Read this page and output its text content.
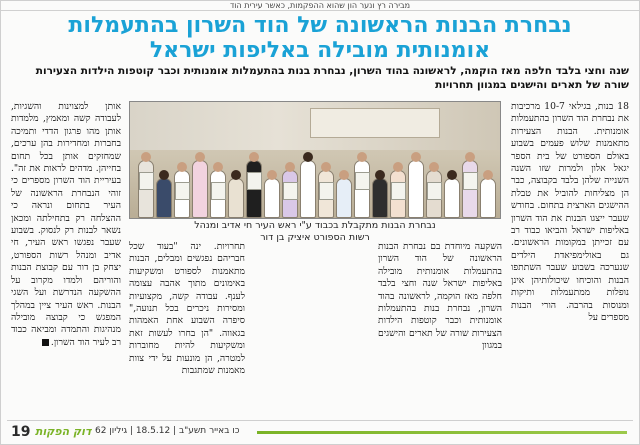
מבירה רץ ונער הון שהוא ההפקמות, כאשר עירית הוד
נבחרת הבנות הראשונה של הוד השרון בהתעמלות
אומנותית מובילה באליפות ישראל
שנה וחצי בלבד חלפה מאז הוקמה, לראשונה בהוד השרון, נבחרת בנות בהתעמלות אומנותית וכבר קוטפות הילדות הצעירות שורה של תארים והישגים במגוון תחרויות
18 בנות, בגילאי 10-7 מרכיבות את נבחרת הוד השרון בהתעמלות אומנותית. הבנות הצעירות מתאמנות שלוש פעמים בשבוע באולם הספורט של בית הספר יגאל אלון ולמרות שזו השנה השנייה שלהן בלבד בקבוצה, כבר הן מצליחות להוביל את טבלת ההישגים הארצית בתחום. בחודש שעבר ייצגו הבנות את הוד השרון באליפות ישראל והביאו כבוד רב עם זכייתן במקומות הראשונים. גם באולימפיאדת הילדים שנערכה בשבוע שעבר השתתפו הבנות והוכיחו שיכולותיהן אינן נופלות ממתעמלות ותיקות ומנוסות בהרבה. הורי הבנות מספרים על
נבחרת הבנות מתקבלת בכבוד ע"י ראש העיר חי אדיב ומנהל
רשות הספורט איציק בן דור
השקעה מיוחדת בם נבחרת הבנות הראשונה של הוד השרון בהתעמלות אומנותית מובילה באליפות ישראל שנה וחצי בלבד חלפה מאז הוקמה, לראשונה בהוד השרון, נבחרת בנות בהתעמלות אומנותית וכבר קוטפות הילדות הצעירות שורה של תארים והישגים במגוון
תחרויות. ינה "בעוד שכל חבריהם נפגשים ומבלים, הבנות מתאמנות לספורט ומשקיעות באימונים מתוך אהבה עצומה לענף. עבודה קשה, מקצועיות ומסירות ניכרים בכל תנועה," סיפרה השבוע אחת האמהות בגאווה. "הן בחרו לעשות זאת ומשקיעות להיות מחוברות למטרה, הן מונעות על ידי צוות מאמנות שמתגבות
אותן למצוינות והשגיות, לעבודה קשה ומאמץ, מלמדות אותן מהו פרגון הדדי ותמיכה בחברות ומחדירות בהן ערכים, שמחזקים אותן בכל תחום בחייהן. מדהים לראות את זה". בעיריית הוד השרון מספרים כי זוהי הנבחרת הראשונה של העיר בתחום ונראה כי ההצלחה רק בתחילתה ומכאן נשאר לבנות רק לנסוק. בשבוע שעבר נפגשו ראש העיר, חי אדיב ומנהל רשות הספורט, יצחק בן דור עם קבוצת הבנות והוריהם ולמדו מקרוב על ההשקעה הנדרשת ועל השגי הבנות. ראש העיר ציין במהלך המפגש כי קבוצה מובילה מנהיגות והתמדה ומביאה כבוד רב לעיר הוד השרון.
19 דוק הפקות כו באייר תשע"ב | 18.5.12 | גיליון 62
